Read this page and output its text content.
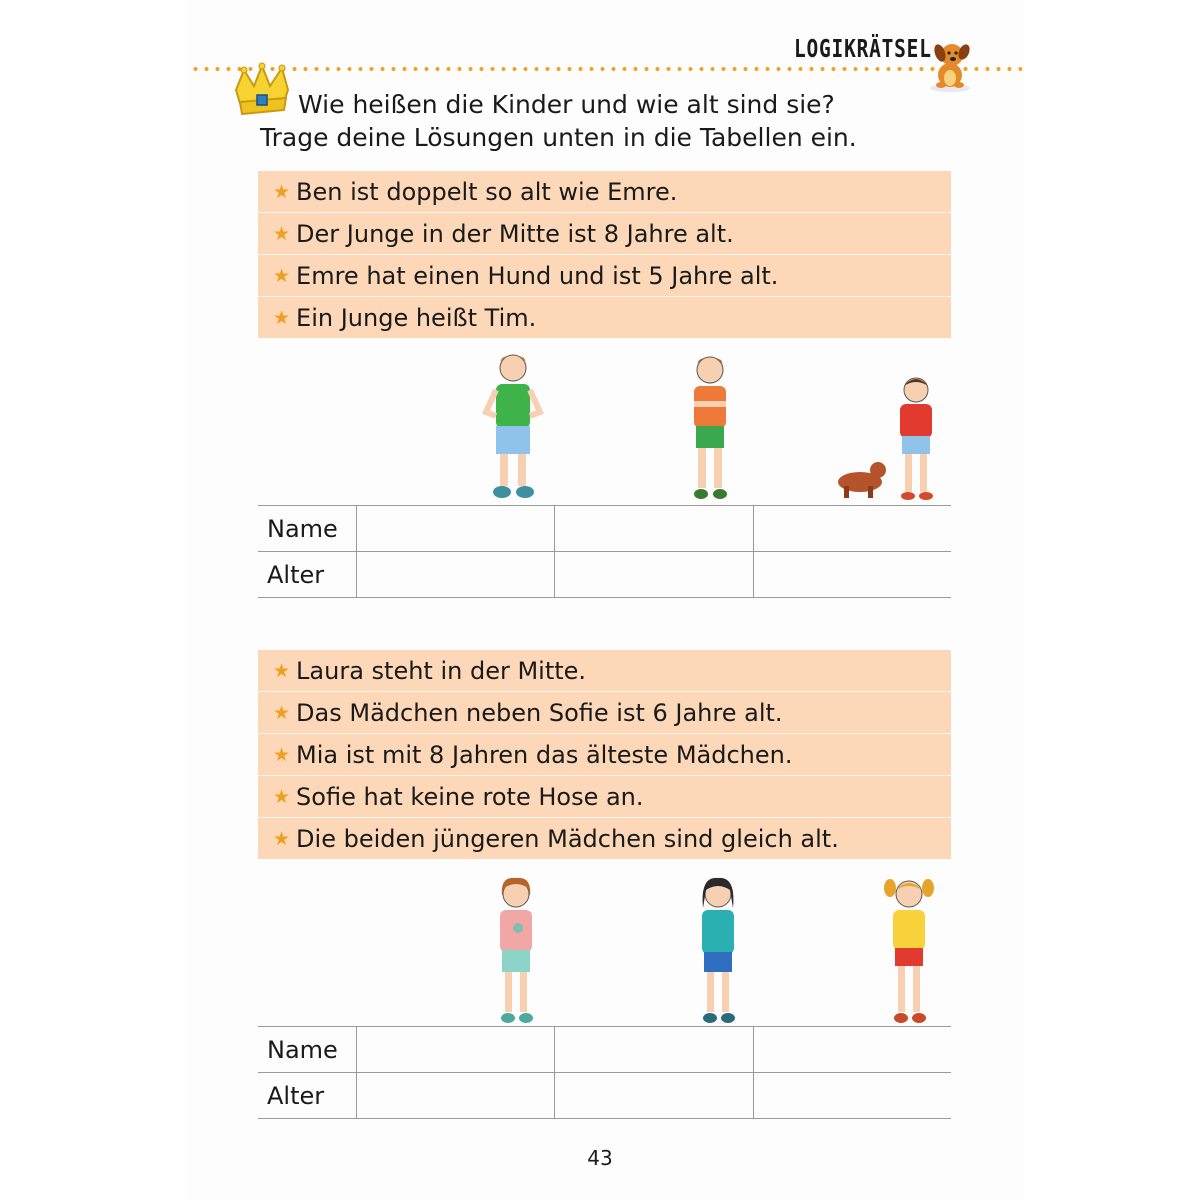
LOGIKRÄTSEL
Wie heißen die Kinder und wie alt sind sie?
Trage deine Lösungen unten in die Tabellen ein.
★ Ben ist doppelt so alt wie Emre.
★ Der Junge in der Mitte ist 8 Jahre alt.
★ Emre hat einen Hund und ist 5 Jahre alt.
★ Ein Junge heißt Tim.
Name			
Alter			
★ Laura steht in der Mitte.
★ Das Mädchen neben Sofie ist 6 Jahre alt.
★ Mia ist mit 8 Jahren das älteste Mädchen.
★ Sofie hat keine rote Hose an.
★ Die beiden jüngeren Mädchen sind gleich alt.
Name			
Alter			
43
